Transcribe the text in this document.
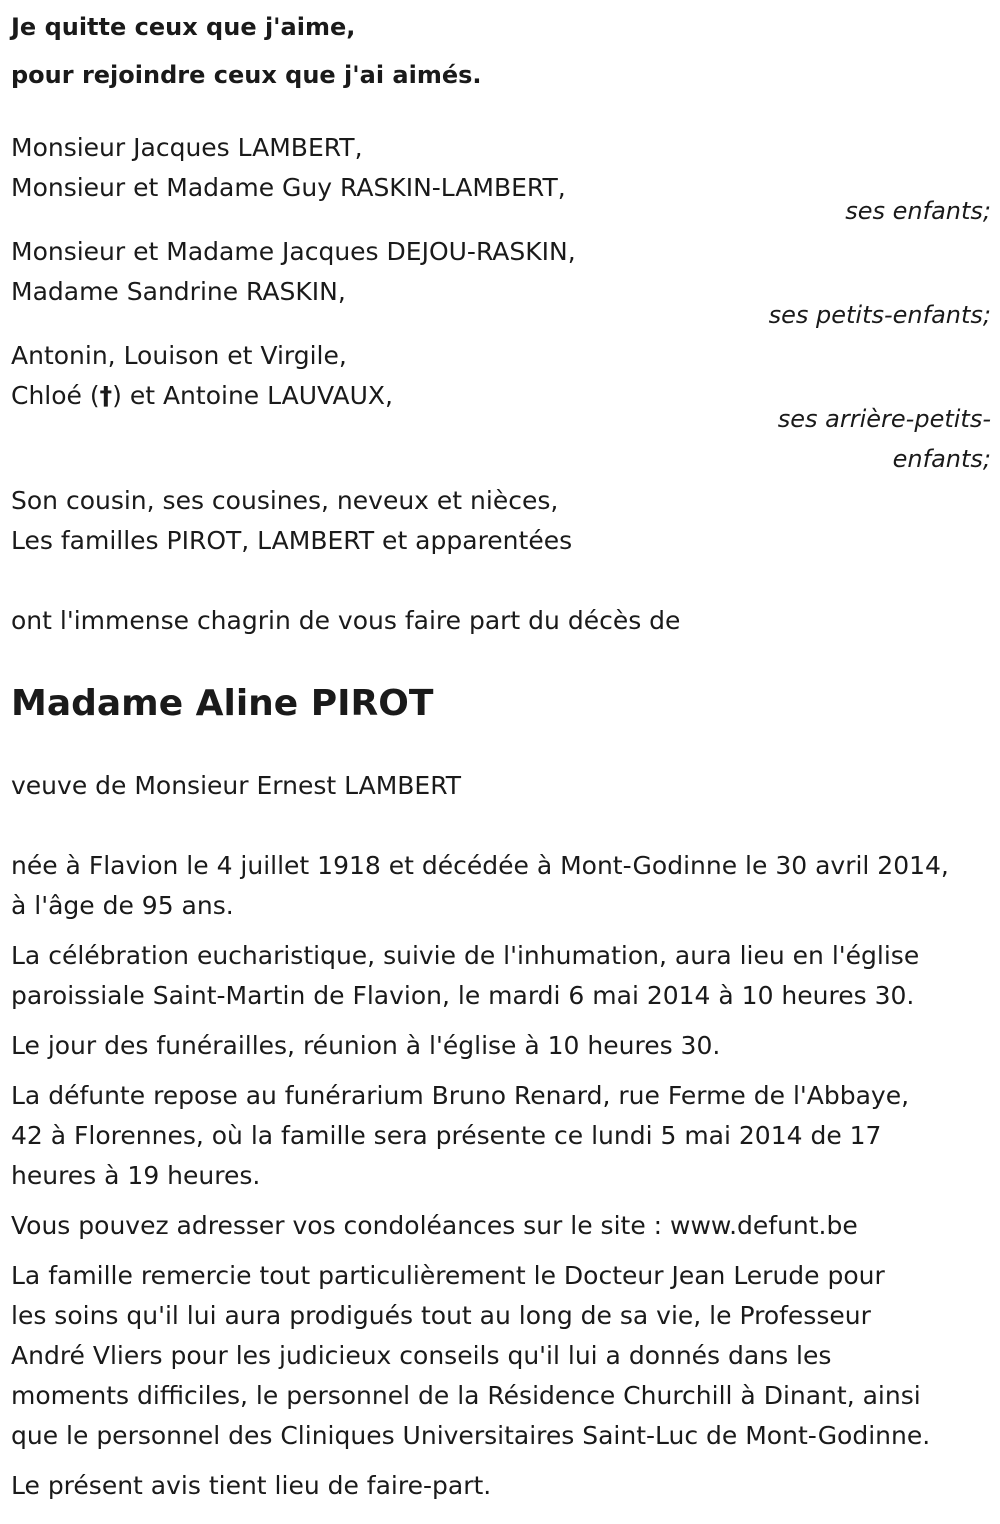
Je quitte ceux que j'aime,
pour rejoindre ceux que j'ai aimés.
Monsieur Jacques LAMBERT,
Monsieur et Madame Guy RASKIN-LAMBERT,
ses enfants;
Monsieur et Madame Jacques DEJOU-RASKIN,
Madame Sandrine RASKIN,
ses petits-enfants;
Antonin, Louison et Virgile,
Chloé (†) et Antoine LAUVAUX,
ses arrière-petits-
enfants;
Son cousin, ses cousines, neveux et nièces,
Les familles PIROT, LAMBERT et apparentées
ont l'immense chagrin de vous faire part du décès de
Madame Aline PIROT
veuve de Monsieur Ernest LAMBERT
née à Flavion le 4 juillet 1918 et décédée à Mont-Godinne le 30 avril 2014,
à l'âge de 95 ans.
La célébration eucharistique, suivie de l'inhumation, aura lieu en l'église
paroissiale Saint-Martin de Flavion, le mardi 6 mai 2014 à 10 heures 30.
Le jour des funérailles, réunion à l'église à 10 heures 30.
La défunte repose au funérarium Bruno Renard, rue Ferme de l'Abbaye,
42 à Florennes, où la famille sera présente ce lundi 5 mai 2014 de 17
heures à 19 heures.
Vous pouvez adresser vos condoléances sur le site : www.defunt.be
La famille remercie tout particulièrement le Docteur Jean Lerude pour
les soins qu'il lui aura prodigués tout au long de sa vie, le Professeur
André Vliers pour les judicieux conseils qu'il lui a donnés dans les
moments difficiles, le personnel de la Résidence Churchill à Dinant, ainsi
que le personnel des Cliniques Universitaires Saint-Luc de Mont-Godinne.
Le présent avis tient lieu de faire-part.
